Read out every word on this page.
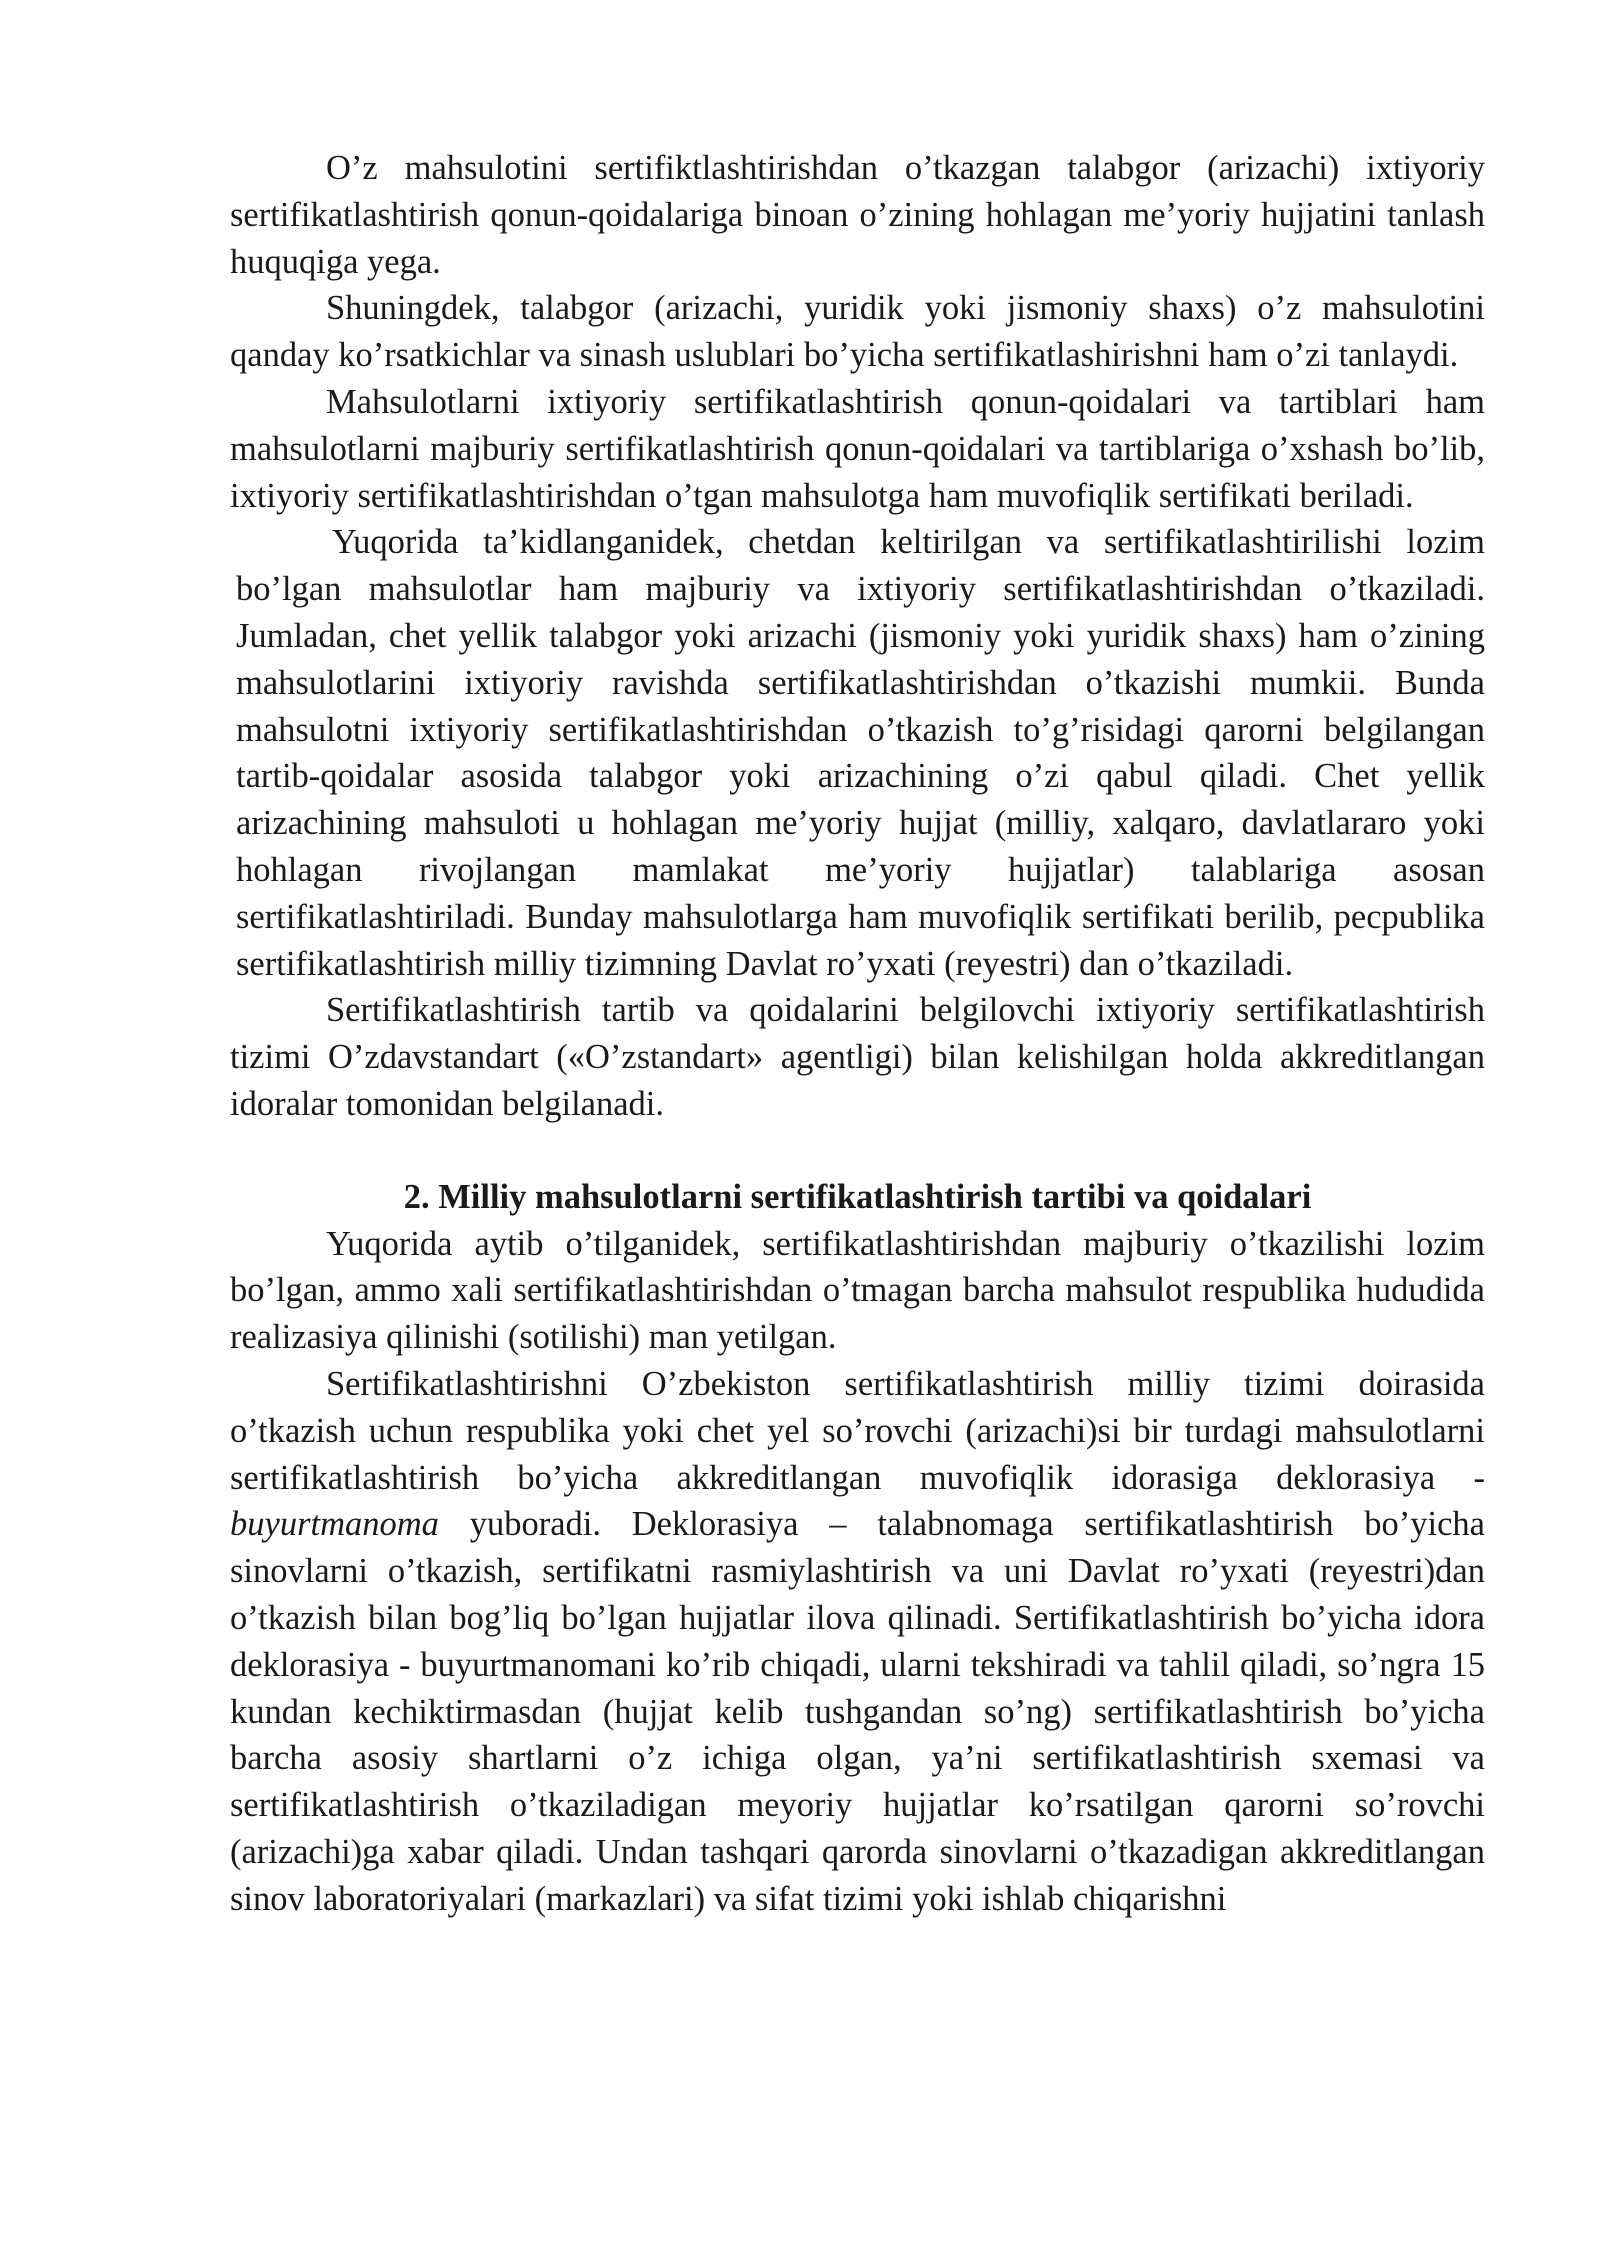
O’z mahsulotini sertifiktlashtirishdan o’tkazgan talabgor (arizachi) ixtiyoriy sertifikatlashtirish qonun-qoidalariga binoan o’zining hohlagan me’yoriy hujjatini tanlash huquqiga yega.

Shuningdek, talabgor (arizachi, yuridik yoki jismoniy shaxs) o’z mahsulotini qanday ko’rsatkichlar va sinash uslublari bo’yicha sertifikatlashirishni ham o’zi tanlaydi.

Mahsulotlarni ixtiyoriy sertifikatlashtirish qonun-qoidalari va tartiblari ham mahsulotlarni majburiy sertifikatlashtirish qonun-qoidalari va tartiblariga o’xshash bo’lib, ixtiyoriy sertifikatlashtirishdan o’tgan mahsulotga ham muvofiqlik sertifikati beriladi.

Yuqorida ta’kidlanganidek, chetdan keltirilgan va sertifikatlashtirilishi lozim bo’lgan mahsulotlar ham majburiy va ixtiyoriy sertifikatlashtirishdan o’tkaziladi. Jumladan, chet yellik talabgor yoki arizachi (jismoniy yoki yuridik shaxs) ham o’zining mahsulotlarini ixtiyoriy ravishda sertifikatlashtirishdan o’tkazishi mumkii. Bunda mahsulotni ixtiyoriy sertifikatlashtirishdan o’tkazish to’g’risidagi qarorni belgilangan tartib-qoidalar asosida talabgor yoki arizachining o’zi qabul qiladi. Chet yellik arizachining mahsuloti u hohlagan me’yoriy hujjat (milliy, xalqaro, davlatlararo yoki hohlagan rivojlangan mamlakat me’yoriy hujjatlar) talablariga asosan sertifikatlashtiriladi. Bunday mahsulotlarga ham muvofiqlik sertifikati berilib, pecpublika sertifikatlashtirish milliy tizimning Davlat ro’yxati (reyestri) dan o’tkaziladi.

Sertifikatlashtirish tartib va qoidalarini belgilovchi ixtiyoriy sertifikatlashtirish tizimi O’zdavstandart («O’zstandart» agentligi) bilan kelishilgan holda akkreditlangan idoralar tomonidan belgilanadi.

2. Milliy mahsulotlarni sertifikatlashtirish tartibi va qoidalari

Yuqorida aytib o’tilganidek, sertifikatlashtirishdan majburiy o’tkazilishi lozim bo’lgan, ammo xali sertifikatlashtirishdan o’tmagan barcha mahsulot respublika hududida realizasiya qilinishi (sotilishi) man yetilgan.

Sertifikatlashtirishni O’zbekiston sertifikatlashtirish milliy tizimi doirasida o’tkazish uchun respublika yoki chet yel so’rovchi (arizachi)si bir turdagi mahsulotlarni sertifikatlashtirish bo’yicha akkreditlangan muvofiqlik idorasiga deklorasiya - buyurtmanoma yuboradi. Deklorasiya – talabnomaga sertifikatlashtirish bo’yicha sinovlarni o’tkazish, sertifikatni rasmiylashtirish va uni Davlat ro’yxati (reyestri)dan o’tkazish bilan bog’liq bo’lgan hujjatlar ilova qilinadi. Sertifikatlashtirish bo’yicha idora deklorasiya - buyurtmanomani ko’rib chiqadi, ularni tekshiradi va tahlil qiladi, so’ngra 15 kundan kechiktirmasdan (hujjat kelib tushgandan so’ng) sertifikatlashtirish bo’yicha barcha asosiy shartlarni o’z ichiga olgan, ya’ni sertifikatlashtirish sxemasi va sertifikatlashtirish o’tkaziladigan meyoriy hujjatlar ko’rsatilgan qarorni so’rovchi (arizachi)ga xabar qiladi. Undan tashqari qarorda sinovlarni o’tkazadigan akkreditlangan sinov laboratoriyalari (markazlari) va sifat tizimi yoki ishlab chiqarishni
